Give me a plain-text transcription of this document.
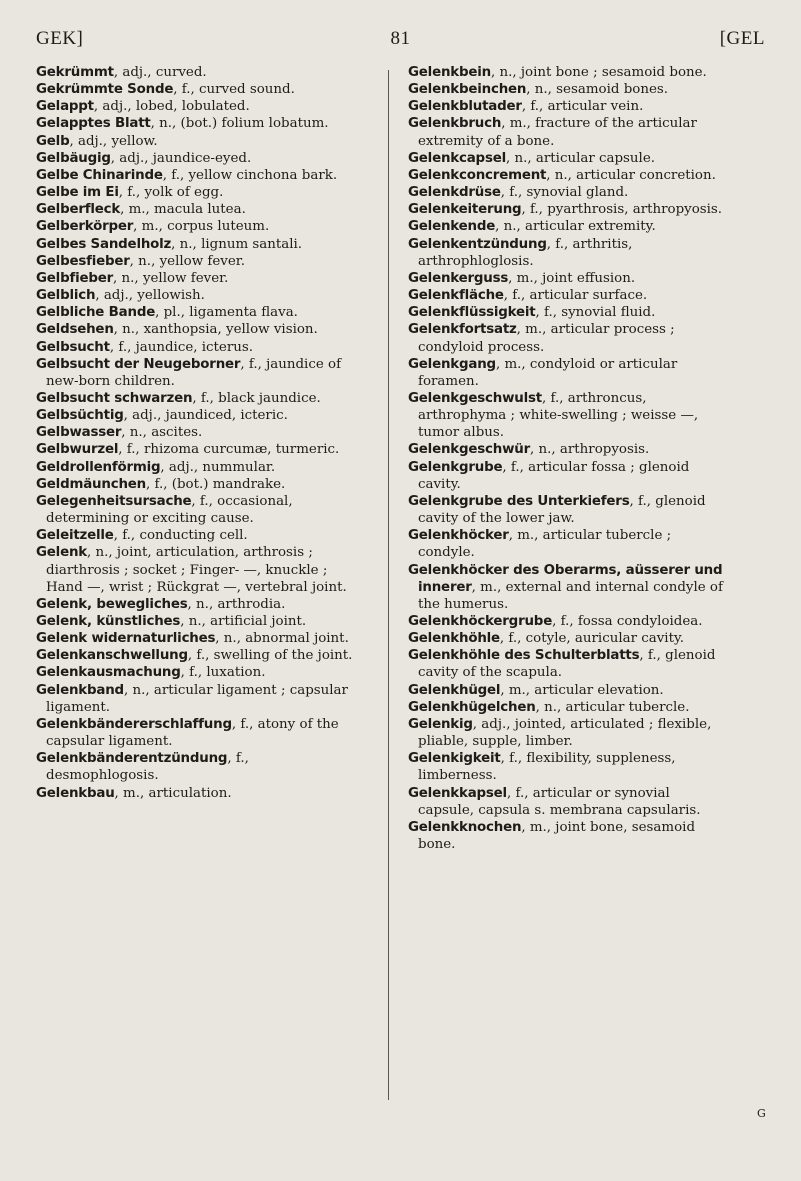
GEK]	81	[GEL

Gekrümmt, adj., curved.

Gekrümmte Sonde, f., curved sound.

Gelappt, adj., lobed, lobulated.

Gelapptes Blatt, n., (bot.) folium lobatum.

Gelb, adj., yellow.

Gelbäugig, adj., jaundice-eyed.

Gelbe Chinarinde, f., yellow cinchona bark.

Gelbe im Ei, f., yolk of egg.

Gelberfleck, m., macula lutea.

Gelberkörper, m., corpus luteum.

Gelbes Sandelholz, n., lignum santali.

Gelbesfieber, n., yellow fever.

Gelbfieber, n., yellow fever.

Gelblich, adj., yellowish.

Gelbliche Bande, pl., ligamenta flava.

Geldsehen, n., xanthopsia, yellow vision.

Gelbsucht, f., jaundice, icterus.

Gelbsucht der Neugeborner, f., jaundice of new-born children.

Gelbsucht schwarzen, f., black jaundice.

Gelbsüchtig, adj., jaundiced, icteric.

Gelbwasser, n., ascites.

Gelbwurzel, f., rhizoma curcumæ, turmeric.

Geldrollenförmig, adj., nummular.

Geldmäunchen, f., (bot.) mandrake.

Gelegenheitsursache, f., occasional, determining or exciting cause.

Geleitzelle, f., conducting cell.

Gelenk, n., joint, articulation, arthrosis ; diarthrosis ; socket ; Finger- —, knuckle ; Hand —, wrist ; Rückgrat —, vertebral joint.

Gelenk, bewegliches, n., arthrodia.

Gelenk, künstliches, n., artificial joint.

Gelenk widernaturliches, n., abnormal joint.

Gelenkanschwellung, f., swelling of the joint.

Gelenkausmachung, f., luxation.

Gelenkband, n., articular ligament ; capsular ligament.

Gelenkbändererschlaffung, f., atony of the capsular ligament.

Gelenkbänderentzündung, f., desmophlogosis.

Gelenkbau, m., articulation.

Gelenkbein, n., joint bone ; sesamoid bone.

Gelenkbeinchen, n., sesamoid bones.

Gelenkblutader, f., articular vein.

Gelenkbruch, m., fracture of the articular extremity of a bone.

Gelenkcapsel, n., articular capsule.

Gelenkconcrement, n., articular concretion.

Gelenkdrüse, f., synovial gland.

Gelenkeiterung, f., pyarthrosis, arthropyosis.

Gelenkende, n., articular extremity.

Gelenkentzündung, f., arthritis, arthrophloglosis.

Gelenkerguss, m., joint effusion.

Gelenkfläche, f., articular surface.

Gelenkflüssigkeit, f., synovial fluid.

Gelenkfortsatz, m., articular process ; condyloid process.

Gelenkgang, m., condyloid or articular foramen.

Gelenkgeschwulst, f., arthroncus, arthrophyma ; white-swelling ; weisse —, tumor albus.

Gelenkgeschwür, n., arthropyosis.

Gelenkgrube, f., articular fossa ; glenoid cavity.

Gelenkgrube des Unterkiefers, f., glenoid cavity of the lower jaw.

Gelenkhöcker, m., articular tubercle ; condyle.

Gelenkhöcker des Oberarms, aüsserer und innerer, m., external and internal condyle of the humerus.

Gelenkhöckergrube, f., fossa condyloidea.

Gelenkhöhle, f., cotyle, auricular cavity.

Gelenkhöhle des Schulterblatts, f., glenoid cavity of the scapula.

Gelenkhügel, m., articular elevation.

Gelenkhügelchen, n., articular tubercle.

Gelenkig, adj., jointed, articulated ; flexible, pliable, supple, limber.

Gelenkigkeit, f., flexibility, suppleness, limberness.

Gelenkkapsel, f., articular or synovial capsule, capsula s. membrana capsularis.

Gelenkknochen, m., joint bone, sesamoid bone.

G
